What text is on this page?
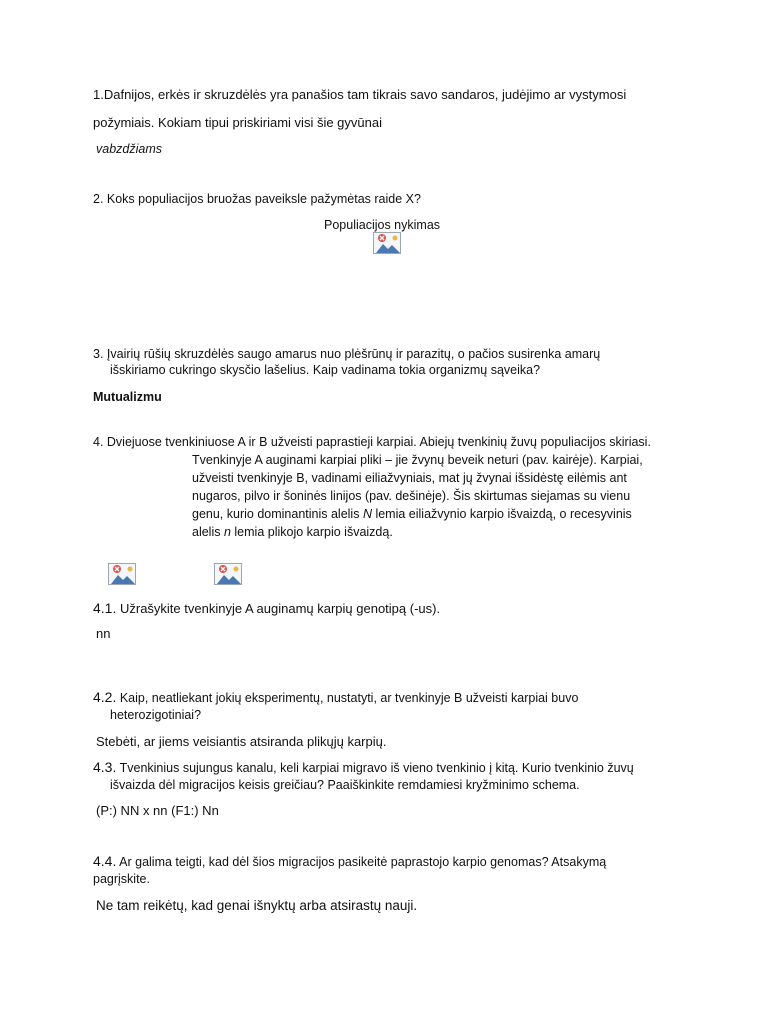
1.Dafnijos, erkės ir skruzdėlės yra panašios tam tikrais savo sandaros, judėjimo ar vystymosi
požymiais. Kokiam tipui priskiriami visi šie gyvūnai
vabzdžiams
2. Koks populiacijos bruožas paveiksle pažymėtas raide X?
Populiacijos nykimas
3. Įvairių rūšių skruzdėlės saugo amarus nuo plėšrūnų ir parazitų, o pačios susirenka amarų
išskiriamo cukringo skysčio lašelius. Kaip vadinama tokia organizmų sąveika?
Mutualizmu
4. Dviejuose tvenkiniuose A ir B užveisti paprastieji karpiai. Abiejų tvenkinių žuvų populiacijos skiriasi.
Tvenkinyje A auginami karpiai pliki – jie žvynų beveik neturi (pav. kairėje). Karpiai,
užveisti tvenkinyje B, vadinami eiliažvyniais, mat jų žvynai išsidėstę eilėmis ant
nugaros, pilvo ir šoninės linijos (pav. dešinėje). Šis skirtumas siejamas su vienu
genu, kurio dominantinis alelis N lemia eiliažvynio karpio išvaizdą, o recesyvinis
alelis n lemia plikojo karpio išvaizdą.
4.1. Užrašykite tvenkinyje A auginamų karpių genotipą (-us).
nn
4.2. Kaip, neatliekant jokių eksperimentų, nustatyti, ar tvenkinyje B užveisti karpiai buvo
heterozigotiniai?
Stebėti, ar jiems veisiantis atsiranda plikųjų karpių.
4.3. Tvenkinius sujungus kanalu, keli karpiai migravo iš vieno tvenkinio į kitą. Kurio tvenkinio žuvų
išvaizda dėl migracijos keisis greičiau? Paaiškinkite remdamiesi kryžminimo schema.
(P:) NN x nn (F1:) Nn
4.4. Ar galima teigti, kad dėl šios migracijos pasikeitė paprastojo karpio genomas? Atsakymą
pagrįskite.
Ne tam reikėtų, kad genai išnyktų arba atsirastų nauji.
